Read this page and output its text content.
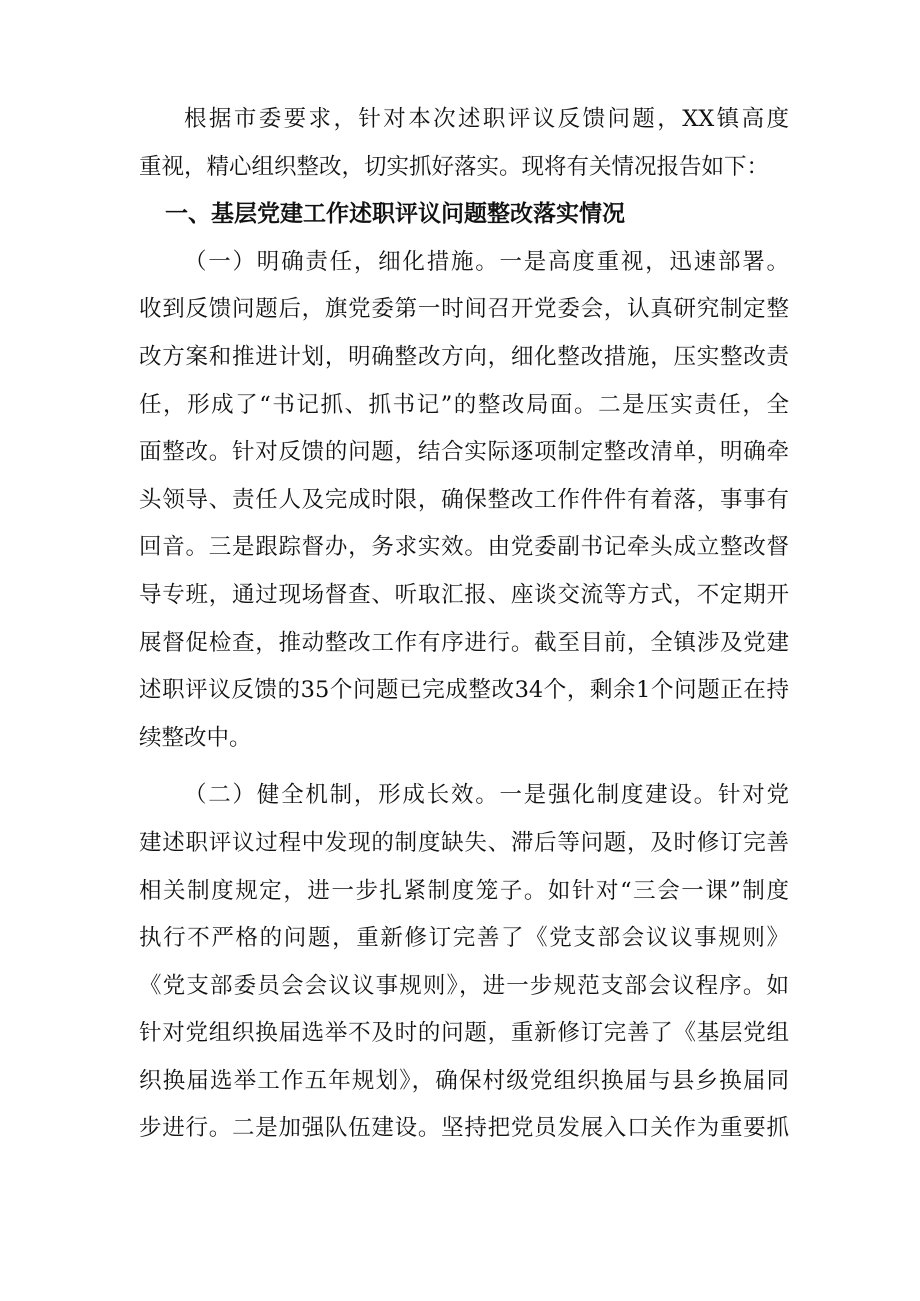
根据市委要求，针对本次述职评议反馈问题，XX镇高度
重视，精心组织整改，切实抓好落实。现将有关情况报告如下：
一、基层党建工作述职评议问题整改落实情况
（一）明确责任，细化措施。一是高度重视，迅速部署。
收到反馈问题后，旗党委第一时间召开党委会，认真研究制定整
改方案和推进计划，明确整改方向，细化整改措施，压实整改责
任，形成了“书记抓、抓书记”的整改局面。二是压实责任，全
面整改。针对反馈的问题，结合实际逐项制定整改清单，明确牵
头领导、责任人及完成时限，确保整改工作件件有着落，事事有
回音。三是跟踪督办，务求实效。由党委副书记牵头成立整改督
导专班，通过现场督查、听取汇报、座谈交流等方式，不定期开
展督促检查，推动整改工作有序进行。截至目前，全镇涉及党建
述职评议反馈的35个问题已完成整改34个，剩余1个问题正在持
续整改中。
（二）健全机制，形成长效。一是强化制度建设。针对党
建述职评议过程中发现的制度缺失、滞后等问题，及时修订完善
相关制度规定，进一步扎紧制度笼子。如针对“三会一课”制度
执行不严格的问题，重新修订完善了《党支部会议议事规则》
《党支部委员会会议议事规则》，进一步规范支部会议程序。如
针对党组织换届选举不及时的问题，重新修订完善了《基层党组
织换届选举工作五年规划》，确保村级党组织换届与县乡换届同
步进行。二是加强队伍建设。坚持把党员发展入口关作为重要抓
